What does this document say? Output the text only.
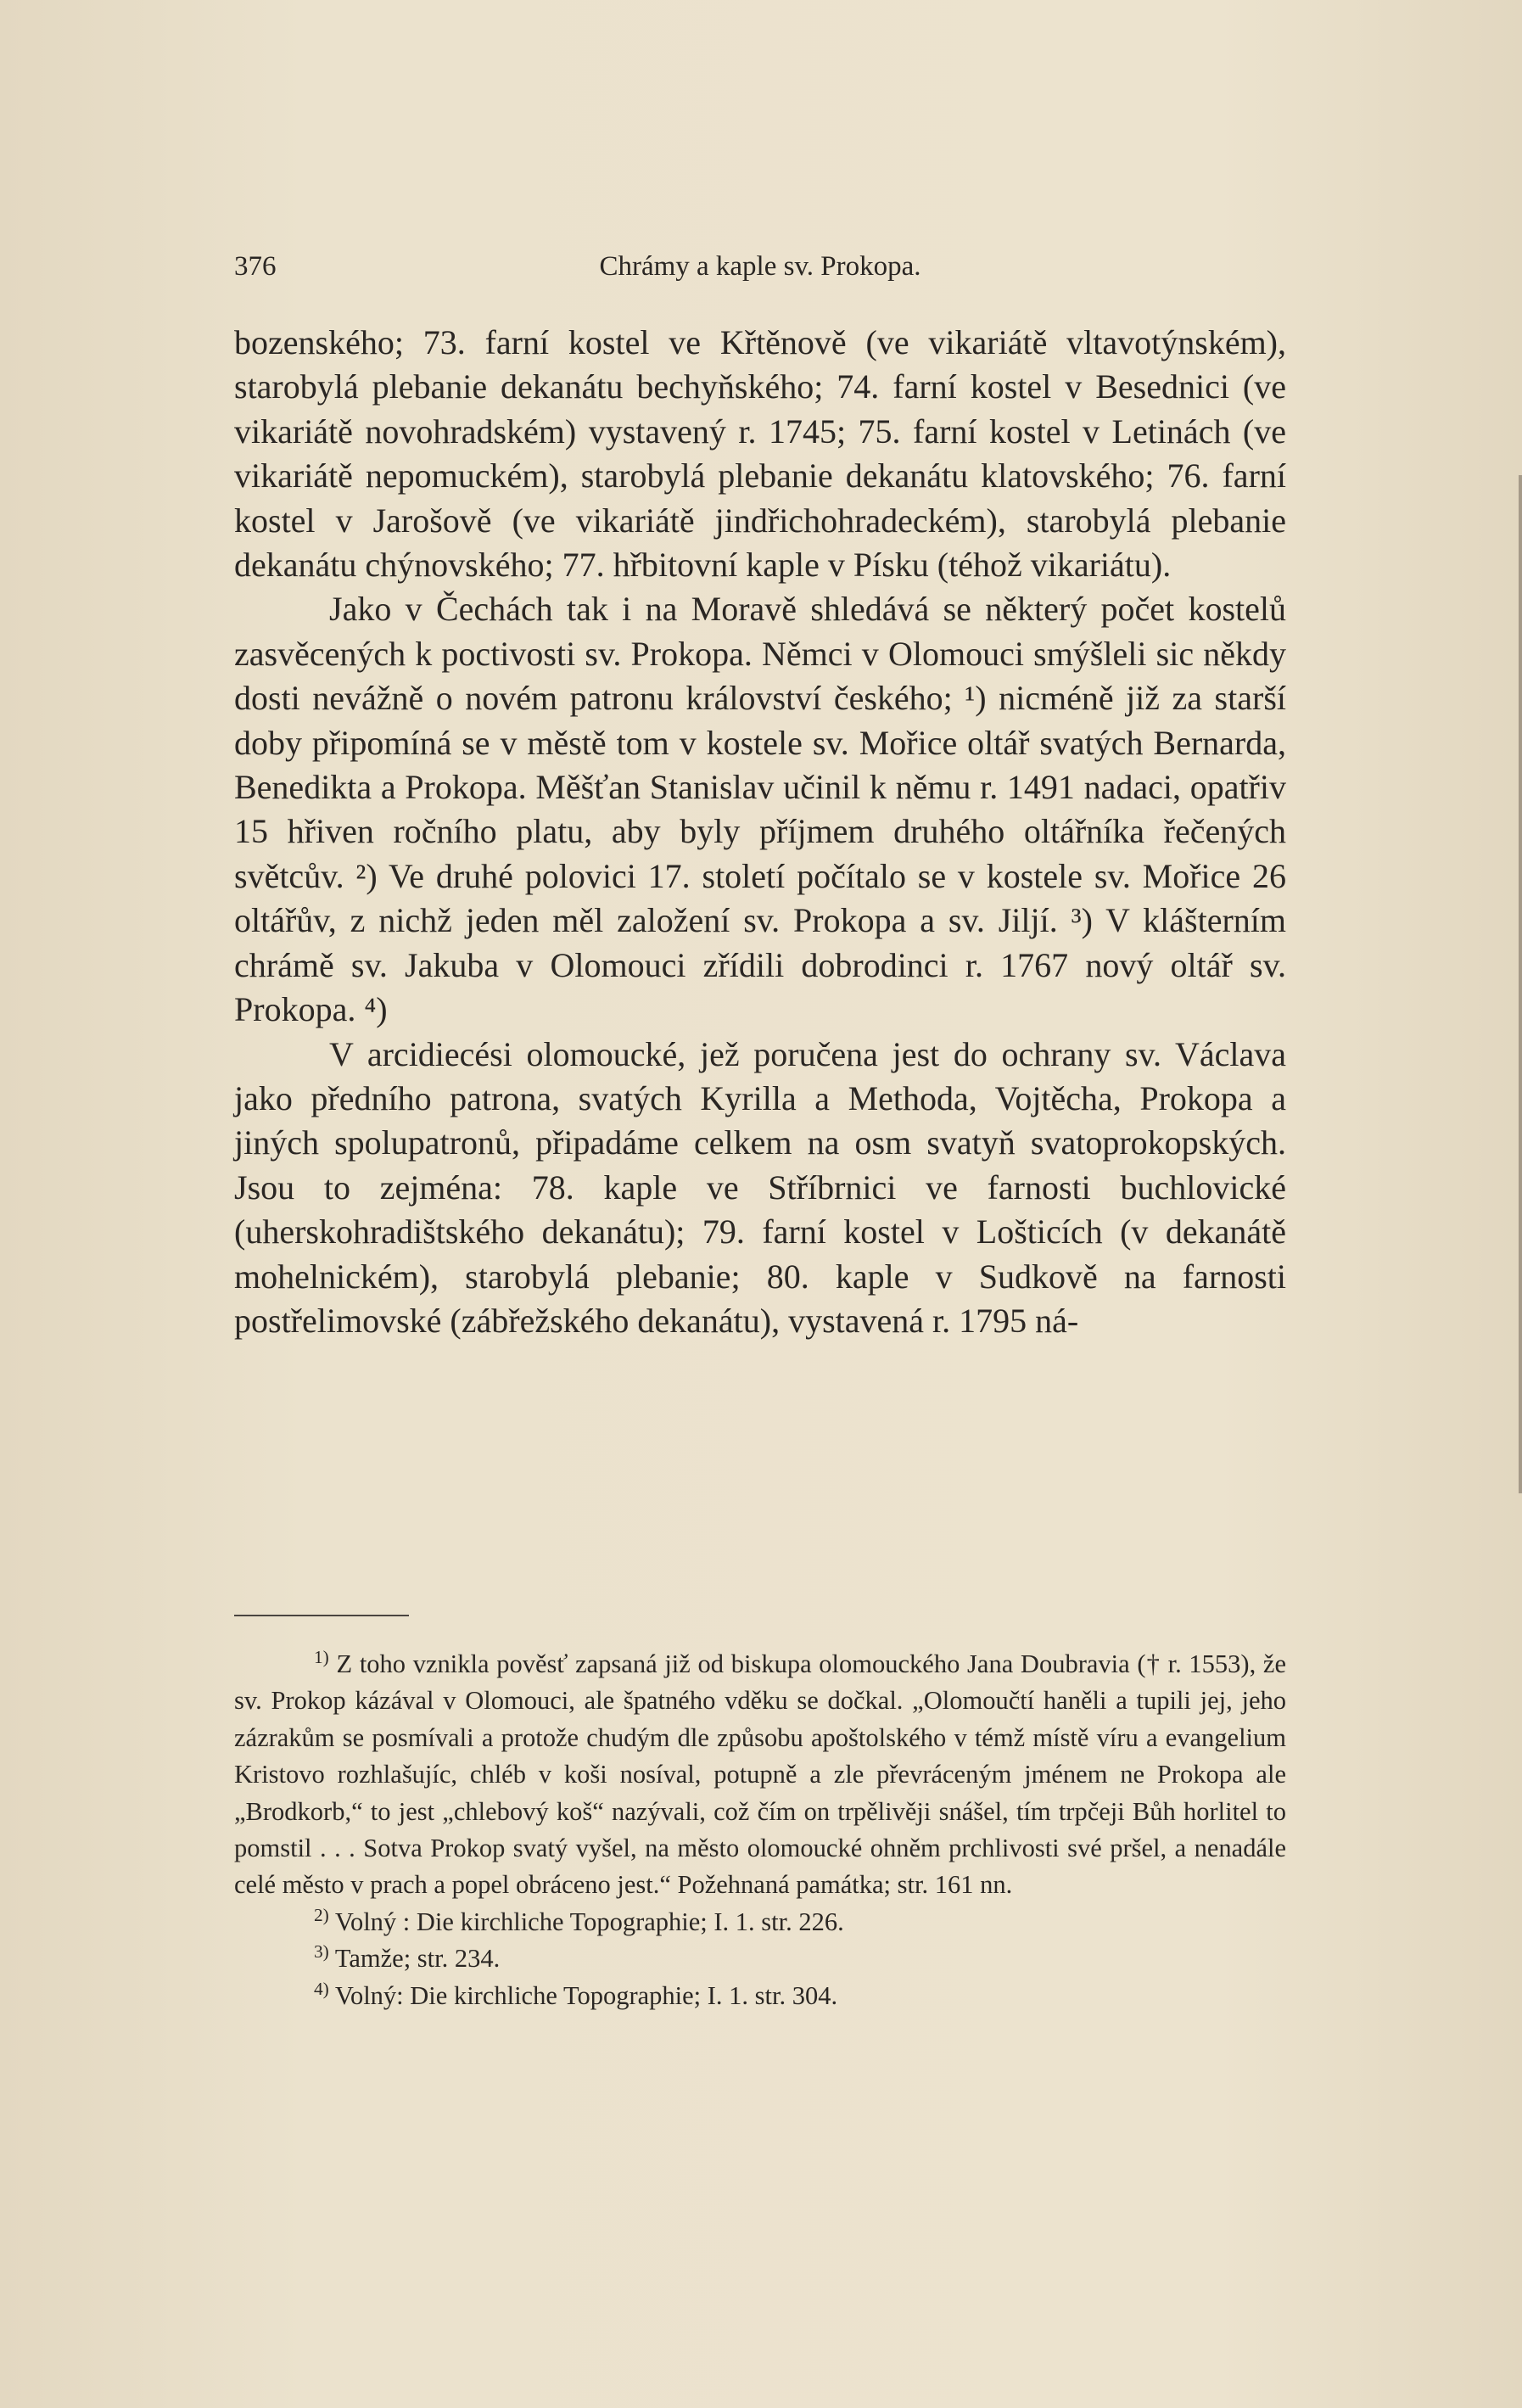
376	Chrámy a kaple sv. Prokopa.

bozenského; 73. farní kostel ve Křtěnově (ve vikariátě vltavotýnském), starobylá plebanie dekanátu bechyňského; 74. farní kostel v Besednici (ve vikariátě novohradském) vystavený r. 1745; 75. farní kostel v Letinách (ve vikariátě nepomuckém), starobylá plebanie dekanátu klatovského; 76. farní kostel v Jarošově (ve vikariátě jindřichohradeckém), starobylá plebanie dekanátu chýnovského; 77. hřbitovní kaple v Písku (téhož vikariátu).

Jako v Čechách tak i na Moravě shledává se některý počet kostelů zasvěcených k poctivosti sv. Prokopa. Němci v Olomouci smýšleli sic někdy dosti nevážně o novém patronu království českého; ¹) nicméně již za starší doby připomíná se v městě tom v kostele sv. Mořice oltář svatých Bernarda, Benedikta a Prokopa. Měšťan Stanislav učinil k němu r. 1491 nadaci, opatřiv 15 hřiven ročního platu, aby byly příjmem druhého oltářníka řečených světcův. ²) Ve druhé polovici 17. století počítalo se v kostele sv. Mořice 26 oltářův, z nichž jeden měl založení sv. Prokopa a sv. Jiljí. ³) V klášterním chrámě sv. Jakuba v Olomouci zřídili dobrodinci r. 1767 nový oltář sv. Prokopa. ⁴)

V arcidiecési olomoucké, jež poručena jest do ochrany sv. Václava jako předního patrona, svatých Kyrilla a Methoda, Vojtěcha, Prokopa a jiných spolupatronů, připadáme celkem na osm svatyň svatoprokopských. Jsou to zejména: 78. kaple ve Stříbrnici ve farnosti buchlovické (uherskohradištského dekanátu); 79. farní kostel v Lošticích (v dekanátě mohelnickém), starobylá plebanie; 80. kaple v Sudkově na farnosti postřelimovské (zábřežského dekanátu), vystavená r. 1795 ná-

$^{1)}$ Z toho vznikla pověsť zapsaná již od biskupa olomouckého Jana Doubravia († r. 1553), že sv. Prokop kázával v Olomouci, ale špatného vděku se dočkal. „Olomoučtí haněli a tupili jej, jeho zázrakům se posmívali a protože chudým dle způsobu apoštolského v témž místě víru a evangelium Kristovo rozhlašujíc, chléb v koši nosíval, potupně a zle převráceným jménem ne Prokopa ale „Brodkorb,“ to jest „chlebový koš“ nazývali, což čím on trpělivěji snášel, tím trpčeji Bůh horlitel to pomstil . . . Sotva Prokop svatý vyšel, na město olomoucké ohněm prchlivosti své pršel, a nenadále celé město v prach a popel obráceno jest.“ Požehnaná památka; str. 161 nn.

$^{2)}$ Volný : Die kirchliche Topographie; I. 1. str. 226.

$^{3)}$ Tamže; str. 234.

$^{4)}$ Volný: Die kirchliche Topographie; I. 1. str. 304.
